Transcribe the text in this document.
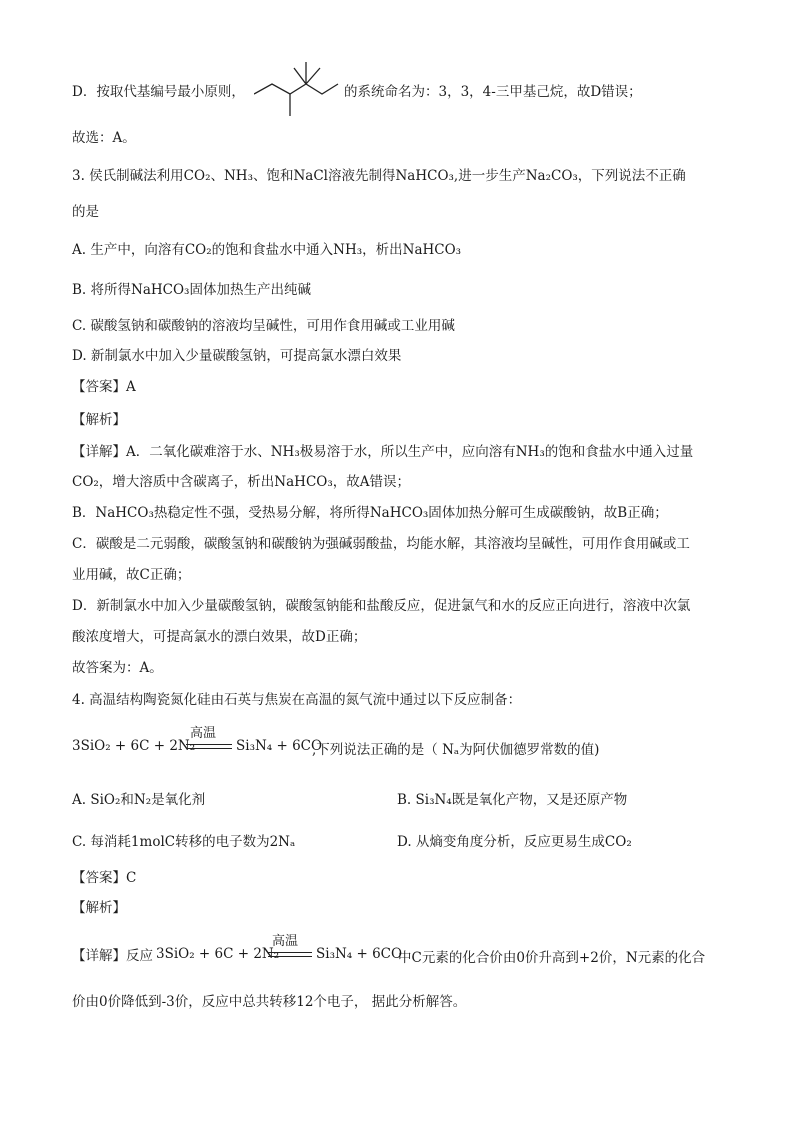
D．按取代基编号最小原则，	的系统命名为：3，3，4-三甲基己烷，故D错误；
故选：A。
3. 侯氏制碱法利用CO₂、NH₃、饱和NaCl溶液先制得NaHCO₃,进一步生产Na₂CO₃，下列说法不正确
的是
A. 生产中，向溶有CO₂的饱和食盐水中通入NH₃，析出NaHCO₃
B. 将所得NaHCO₃固体加热生产出纯碱
C. 碳酸氢钠和碳酸钠的溶液均呈碱性，可用作食用碱或工业用碱
D. 新制氯水中加入少量碳酸氢钠，可提高氯水漂白效果
【答案】A
【解析】
【详解】A．二氧化碳难溶于水、NH₃极易溶于水，所以生产中，应向溶有NH₃的饱和食盐水中通入过量
CO₂，增大溶质中含碳离子，析出NaHCO₃，故A错误；
B．NaHCO₃热稳定性不强，受热易分解，将所得NaHCO₃固体加热分解可生成碳酸钠，故B正确；
C．碳酸是二元弱酸，碳酸氢钠和碳酸钠为强碱弱酸盐，均能水解，其溶液均呈碱性，可用作食用碱或工
业用碱，故C正确；
D．新制氯水中加入少量碳酸氢钠，碳酸氢钠能和盐酸反应，促进氯气和水的反应正向进行，溶液中次氯
酸浓度增大，可提高氯水的漂白效果，故D正确；
故答案为：A。
4. 高温结构陶瓷氮化硅由石英与焦炭在高温的氮气流中通过以下反应制备：
3SiO₂ + 6C + 2N₂
高温
Si₃N₄ + 6CO
,下列说法正确的是（ Nₐ为阿伏伽德罗常数的值)
A. SiO₂和N₂是氧化剂	B. Si₃N₄既是氧化产物，又是还原产物
C. 每消耗1molC转移的电子数为2Nₐ	D. 从熵变角度分析，反应更易生成CO₂
【答案】C
【解析】
【详解】反应 3SiO₂ + 6C + 2N₂
高温
Si₃N₄ + 6CO
中C元素的化合价由0价升高到+2价，N元素的化合
价由0价降低到-3价，反应中总共转移12个电子， 据此分析解答。
